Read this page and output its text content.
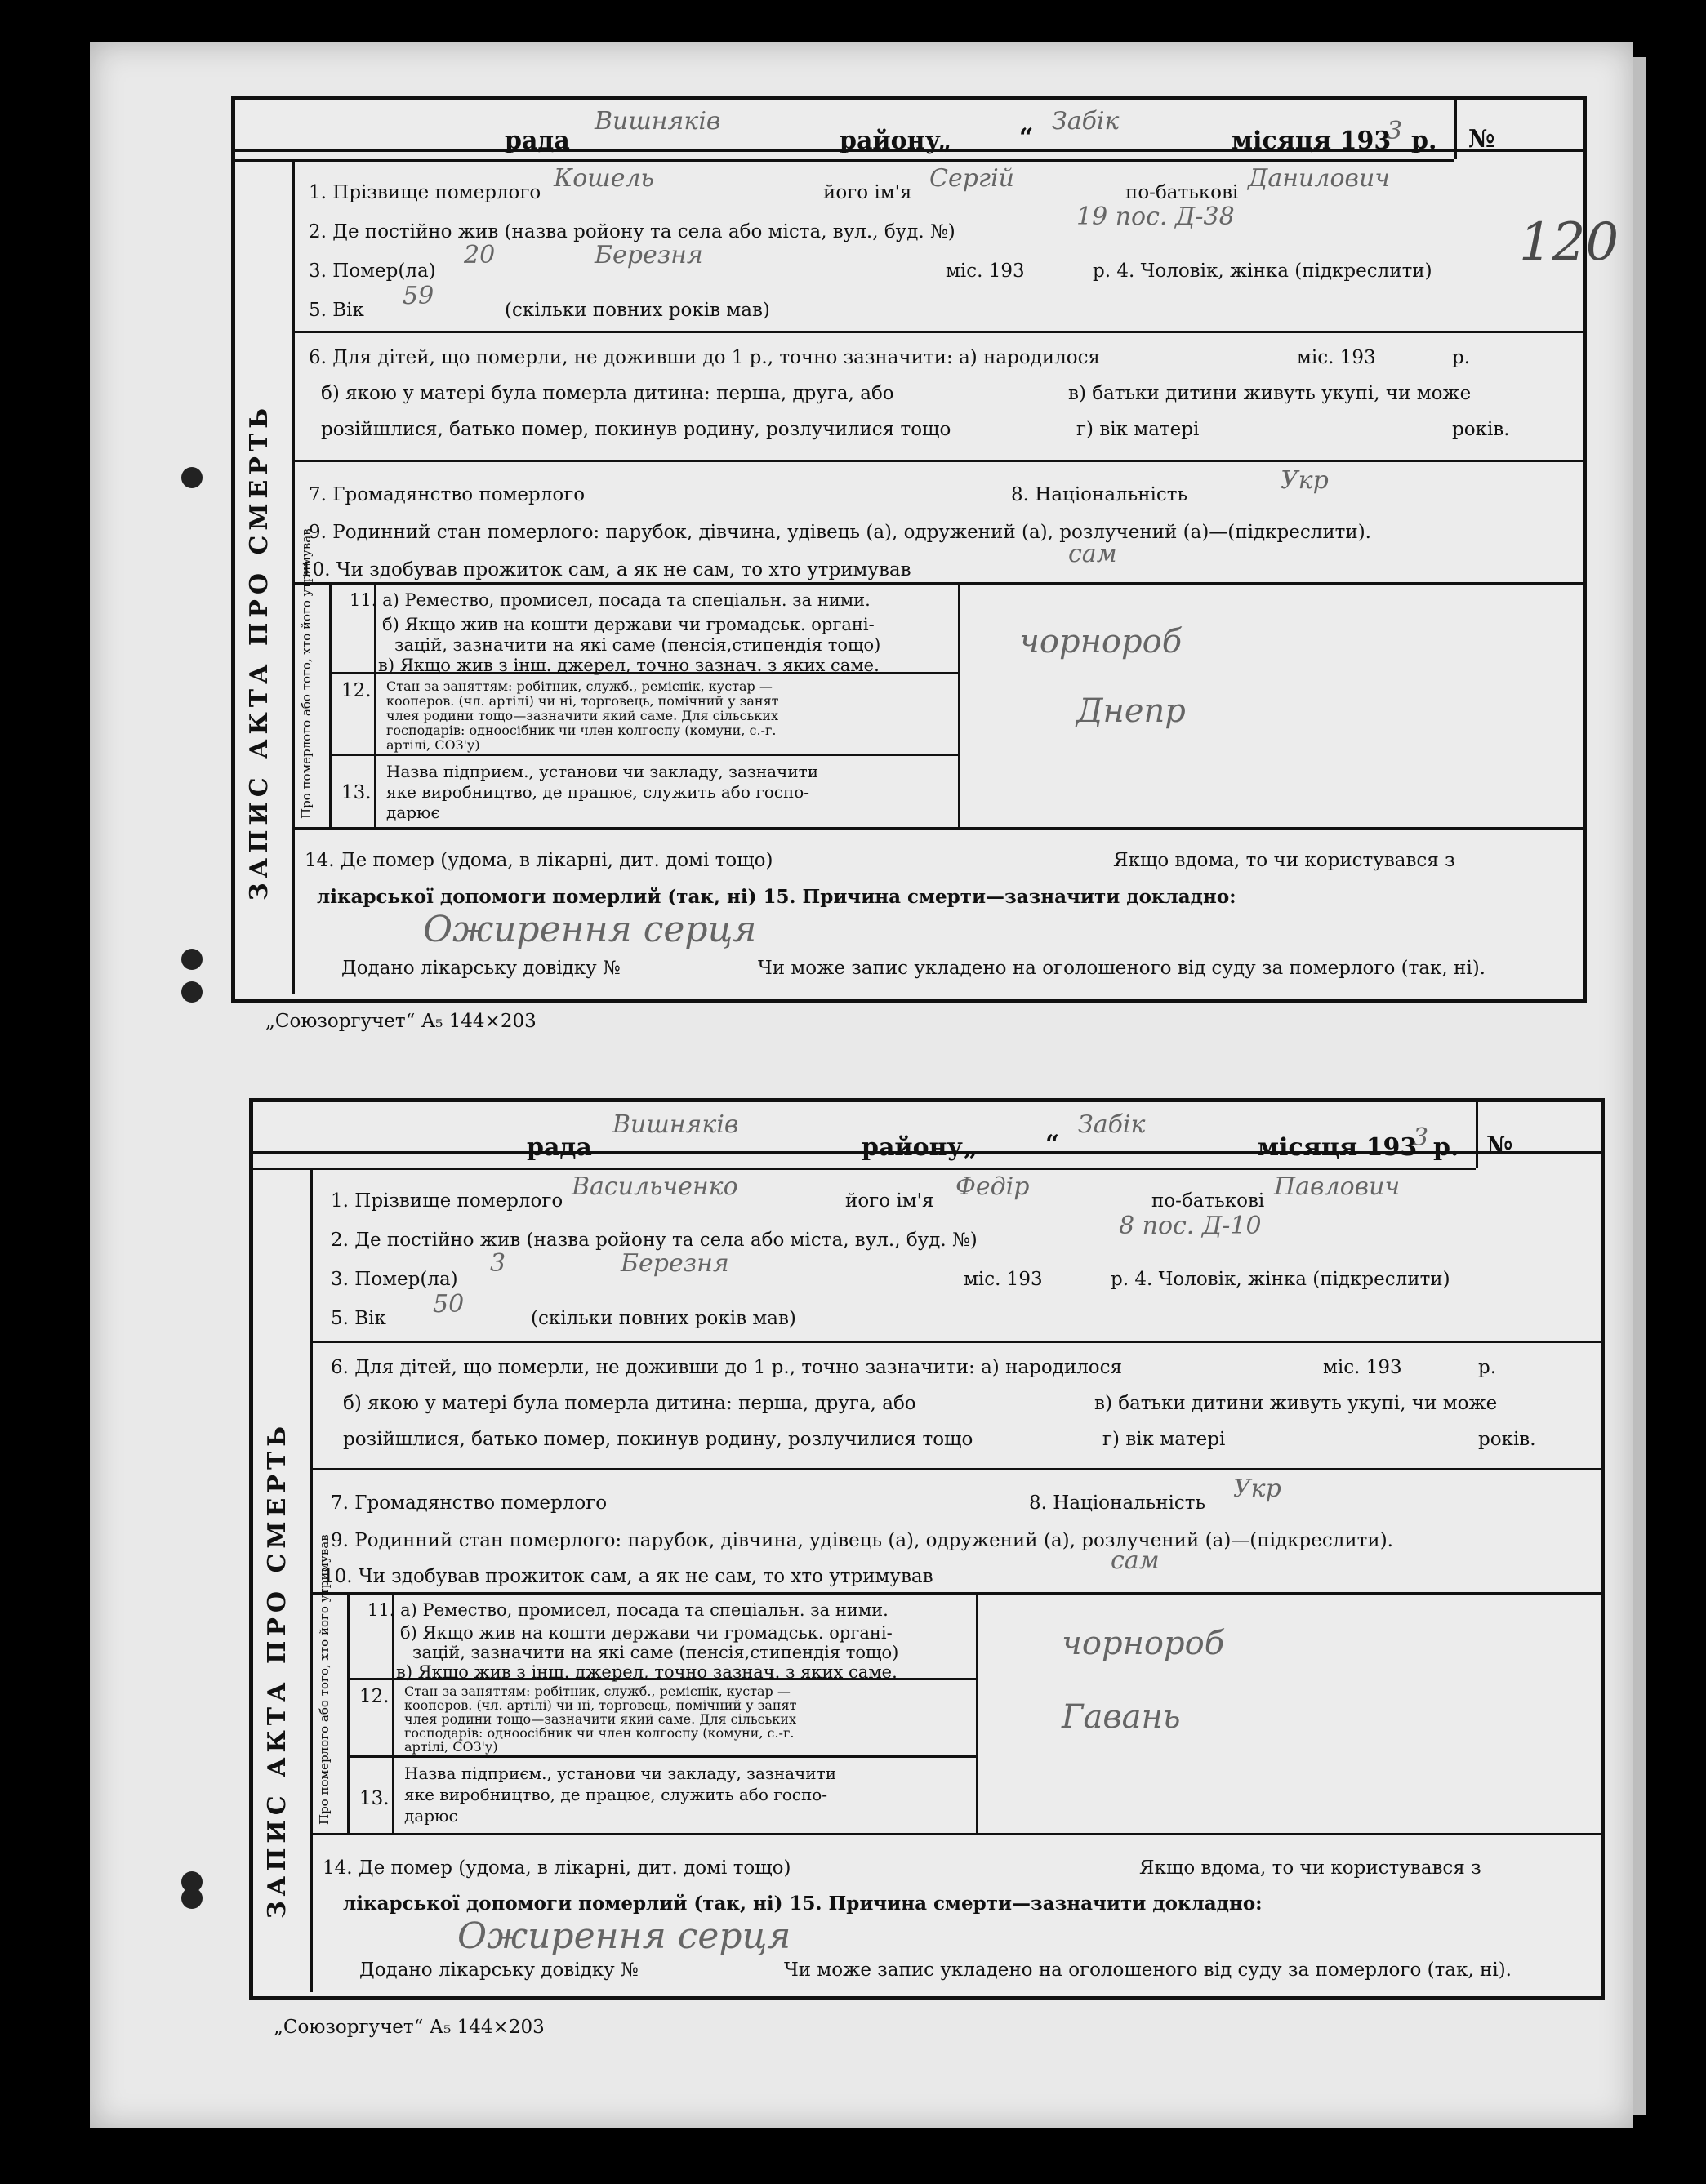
рада
Вишняків
району
„	“
Забік
місяця 193
3 р. №
ЗАПИС АКТА ПРО СМЕРТЬ
1. Прізвище померлого Кошель	його ім'я Сергій	по-батькові Данилович
2. Де постійно жив (назва ройону та села або міста, вул., буд. №)
19 пос. Д-38
3. Помер(ла)
20	Березня
міс. 193	р. 4. Чоловік, жінка (підкреслити)
5. Вік 59	(скільки повних років мав)
6. Для дітей, що померли, не доживши до 1 р., точно зазначити: а) народилося	міс. 193	р.
б) якою у матері була померла дитина: перша, друга, або	в) батьки дитини живуть укупі, чи може
розійшлися, батько помер, покинув родину, розлучилися тощо	г) вік матері	років.
7. Громадянство померлого	8. Національність	Укр
9. Родинний стан померлого: парубок, дівчина, удівець (а), одружений (а), розлучений (а)—(підкреслити).
10. Чи здобував прожиток сам, а як не сам, то хто утримував
сам
Про померлого або того, хто його утримував 11. а) Ремество, промисел, посада та спеціальн. за ними.
б) Якщо жив на кошти держави чи громадськ. органі-
зацій, зазначити на які саме (пенсія,стипендія тощо)
в) Якщо жив з інш. джерел, точно зазнач. з яких саме.
чорнороб
12. Стан за заняттям: робітник, служб., реміснік, кустар —
кооперов. (чл. артілі) чи ні, торговець, помічний у занят
члея родини тощо—зазначити який саме. Для сільських
господарів: одноосібник чи член колгоспу (комуни, с.-г.
артілі, СОЗ'у)
Днепр
13.
Назва підприєм., установи чи закладу, зазначити
яке виробництво, де працює, служить або госпо-
дарює
14. Де помер (удома, в лікарні, дит. домі тощо)	Якщо вдома, то чи користувався з
лікарської допомоги померлий (так, ні) 15. Причина смерти—зазначити докладно:
Ожирення серця
Додано лікарську довідку №	Чи може запис укладено на оголошеного від суду за померлого (так, ні).
„Союзоргучет“ А₅ 144×203
120
рада
Вишняків
району „	“
Забік
місяця 193
3 р. №
ЗАПИС АКТА ПРО СМЕРТЬ
1. Прізвище померлого Васильченко	його ім'я Федір	по-батькові Павлович
2. Де постійно жив (назва ройону та села або міста, вул., буд. №)	8 пос. Д-10
3. Помер(ла)
3	Березня
міс. 193	р. 4. Чоловік, жінка (підкреслити)
5. Вік 50	(скільки повних років мав)
6. Для дітей, що померли, не доживши до 1 р., точно зазначити: а) народилося	міс. 193	р.
б) якою у матері була померла дитина: перша, друга, або	в) батьки дитини живуть укупі, чи може
розійшлися, батько помер, покинув родину, розлучилися тощо	г) вік матері	років.
7. Громадянство померлого	8. Національність Укр
9. Родинний стан померлого: парубок, дівчина, удівець (а), одружений (а), розлучений (а)—(підкреслити).
10. Чи здобував прожиток сам, а як не сам, то хто утримував
сам
Про померлого або того, хто його утримував 11. а) Ремество, промисел, посада та спеціальн. за ними.
б) Якщо жив на кошти держави чи громадськ. органі-
зацій, зазначити на які саме (пенсія,стипендія тощо)
в) Якщо жив з інш. джерел, точно зазнач. з яких саме.
чорнороб
12. Стан за заняттям: робітник, служб., реміснік, кустар —
кооперов. (чл. артілі) чи ні, торговець, помічний у занят
члея родини тощо—зазначити який саме. Для сільських
господарів: одноосібник чи член колгоспу (комуни, с.-г.
артілі, СОЗ'у)
Гавань
13.
Назва підприєм., установи чи закладу, зазначити
яке виробництво, де працює, служить або госпо-
дарює
14. Де помер (удома, в лікарні, дит. домі тощо)	Якщо вдома, то чи користувався з
лікарської допомоги померлий (так, ні) 15. Причина смерти—зазначити докладно:
Ожирення серця
Додано лікарську довідку №	Чи може запис укладено на оголошеного від суду за померлого (так, ні).
„Союзоргучет“ А₅ 144×203
